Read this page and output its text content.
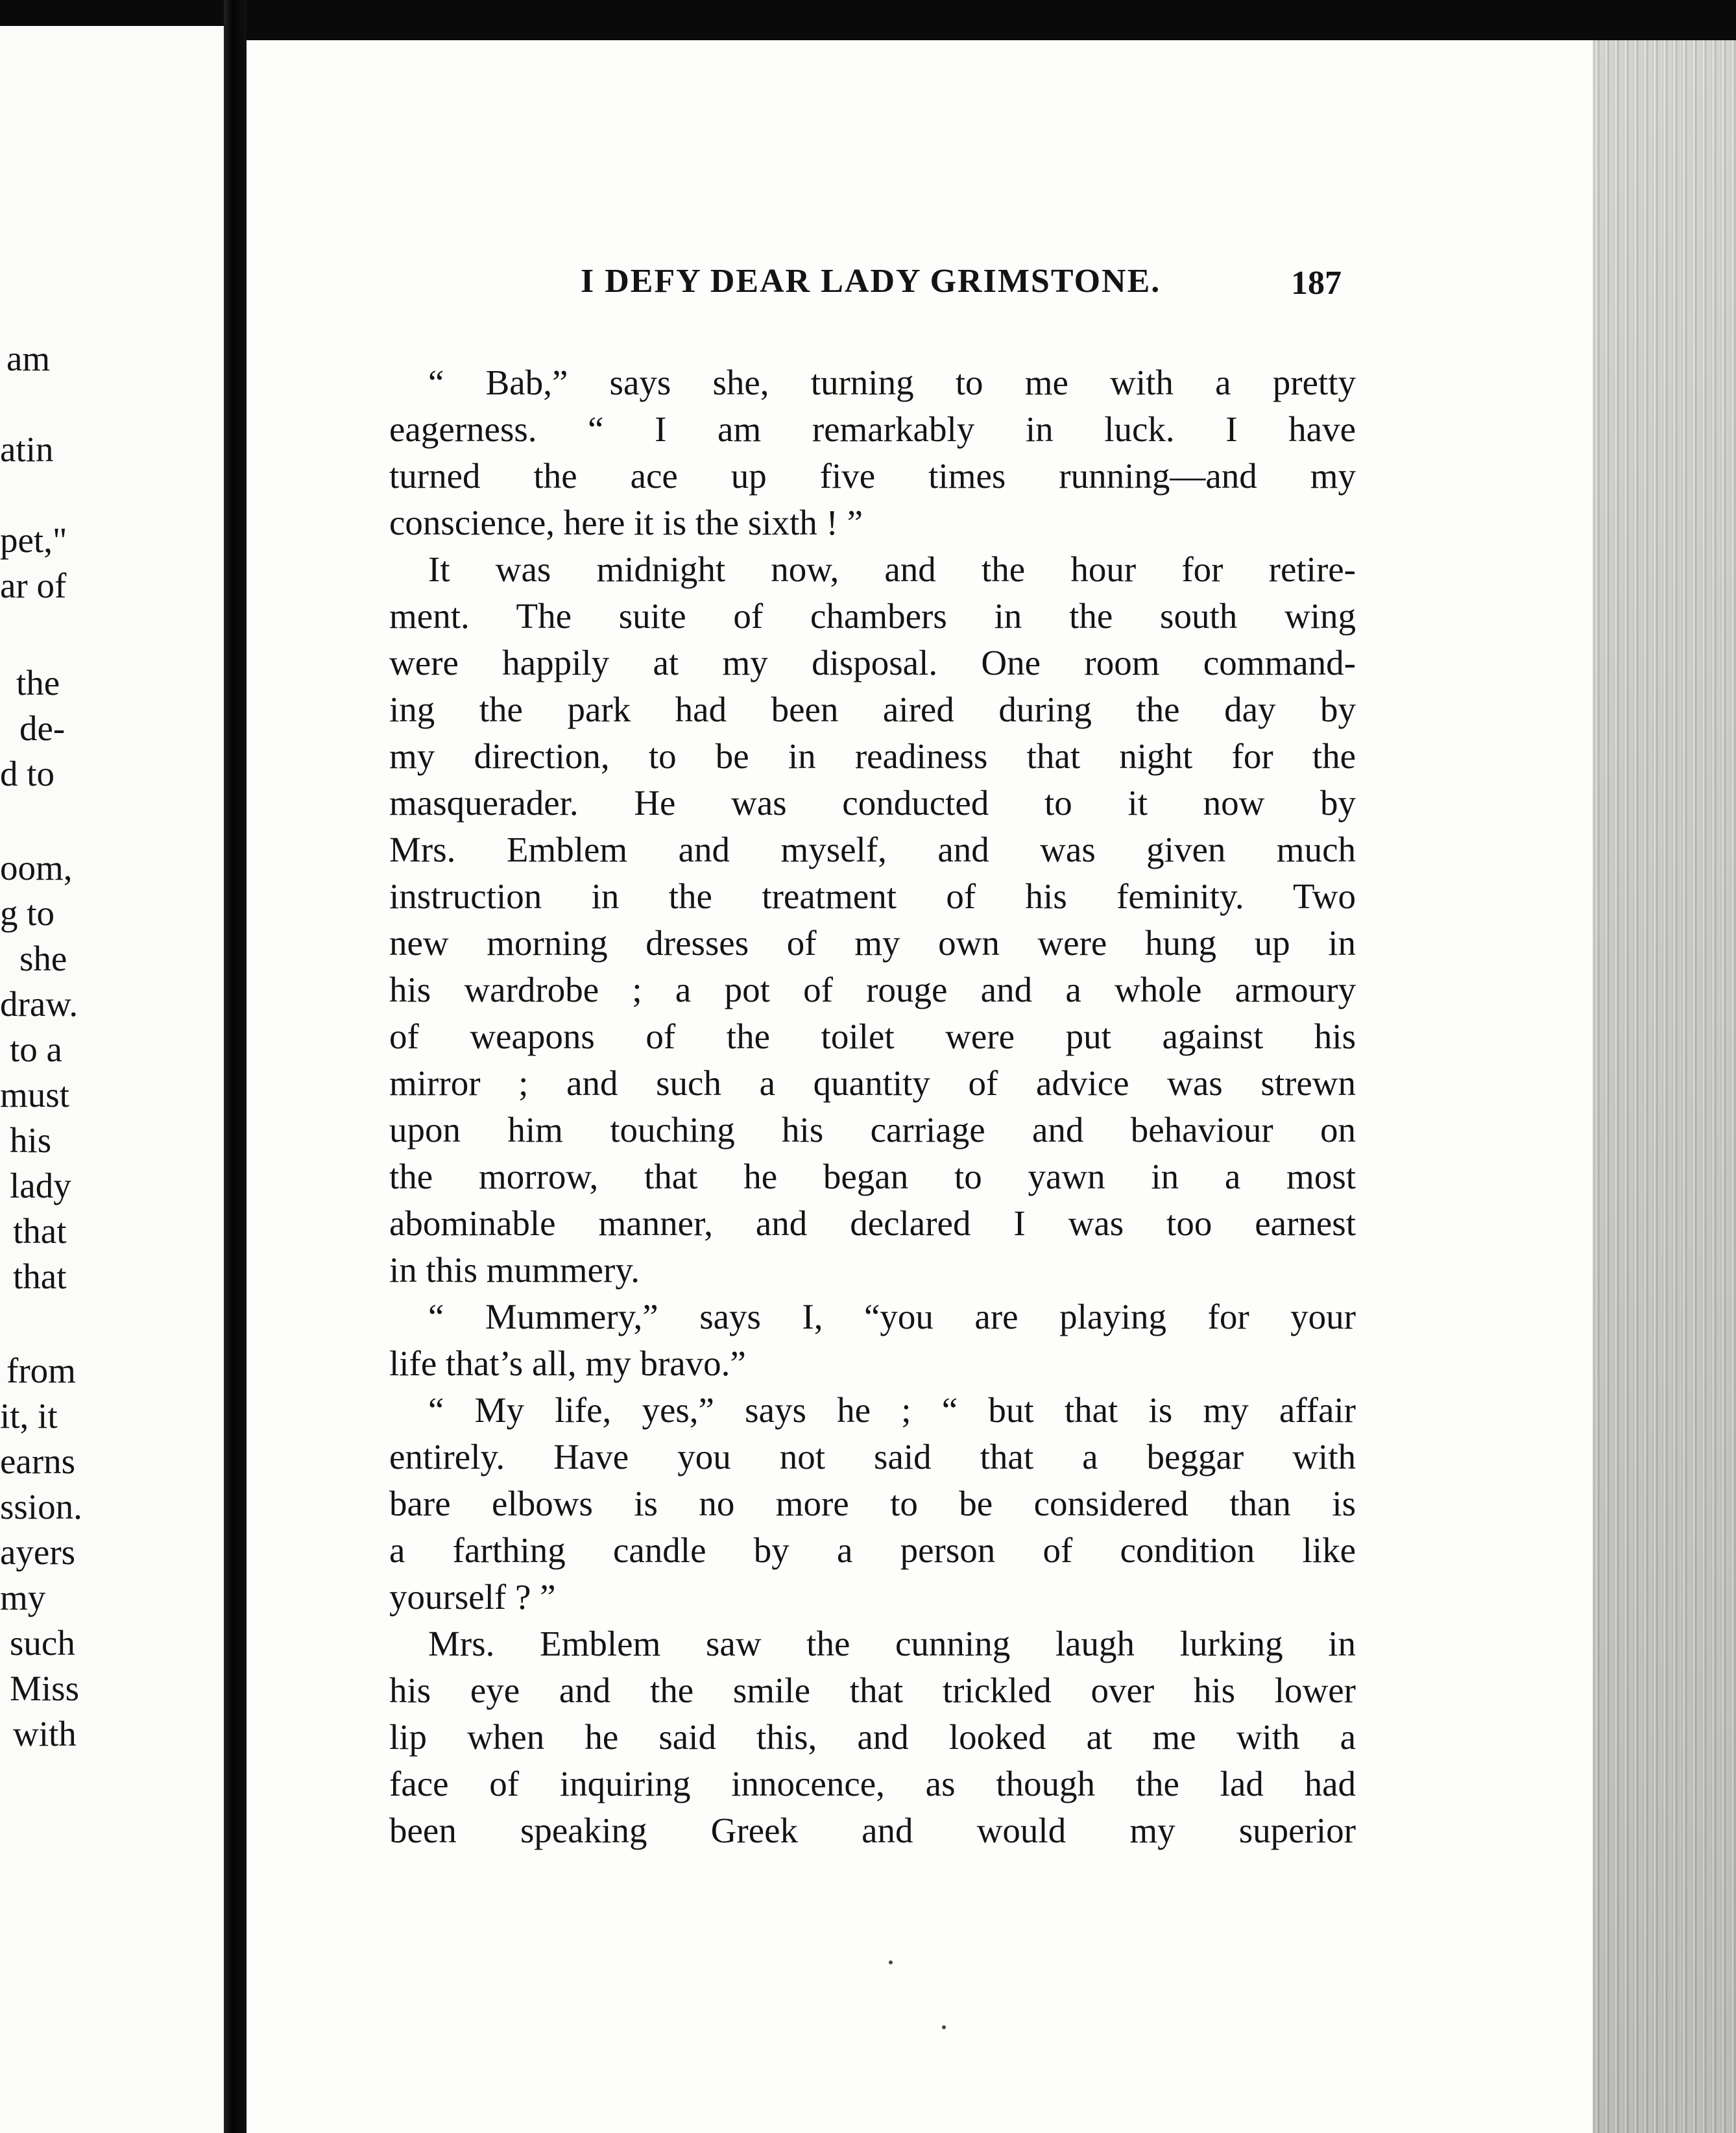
am
atin
pet,"
ar of
the
de-
d to
oom,
g to
she
draw.
to a
must
his
lady
that
that
from
it, it
earns
ssion.
ayers
my
such
Miss
with
I DEFY DEAR LADY GRIMSTONE.	187
“ Bab,” says she, turning to me with a pretty
eagerness. “ I am remarkably in luck. I have
turned the ace up five times running—and my
conscience, here it is the sixth ! ”
It was midnight now, and the hour for retire-
ment. The suite of chambers in the south wing
were happily at my disposal. One room command-
ing the park had been aired during the day by
my direction, to be in readiness that night for the
masquerader. He was conducted to it now by
Mrs. Emblem and myself, and was given much
instruction in the treatment of his feminity. Two
new morning dresses of my own were hung up in
his wardrobe ; a pot of rouge and a whole armoury
of weapons of the toilet were put against his
mirror ; and such a quantity of advice was strewn
upon him touching his carriage and behaviour on
the morrow, that he began to yawn in a most
abominable manner, and declared I was too earnest
in this mummery.
“ Mummery,” says I, “you are playing for your
life that’s all, my bravo.”
“ My life, yes,” says he ; “ but that is my affair
entirely. Have you not said that a beggar with
bare elbows is no more to be considered than is
a farthing candle by a person of condition like
yourself ? ”
Mrs. Emblem saw the cunning laugh lurking in
his eye and the smile that trickled over his lower
lip when he said this, and looked at me with a
face of inquiring innocence, as though the lad had
been speaking Greek and would my superior
